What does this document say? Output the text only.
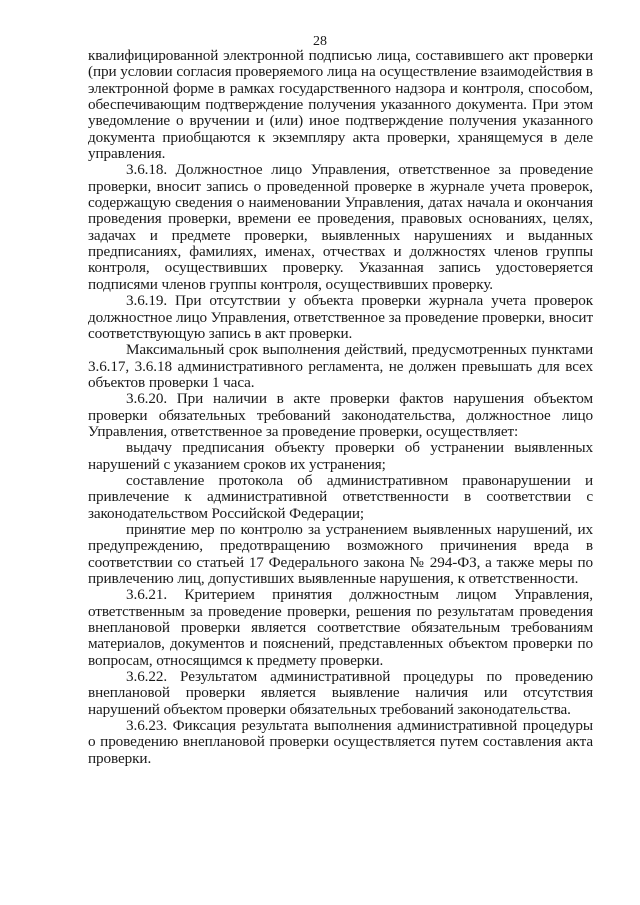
28

квалифицированной электронной подписью лица, составившего акт проверки (при условии согласия проверяемого лица на осуществление взаимодействия в электронной форме в рамках государственного надзора и контроля, способом, обеспечивающим подтверждение получения указанного документа. При этом уведомление о вручении и (или) иное подтверждение получения указанного документа приобщаются к экземпляру акта проверки, хранящемуся в деле управления.

3.6.18. Должностное лицо Управления, ответственное за проведение проверки, вносит запись о проведенной проверке в журнале учета проверок, содержащую сведения о наименовании Управления, датах начала и окончания проведения проверки, времени ее проведения, правовых основаниях, целях, задачах и предмете проверки, выявленных нарушениях и выданных предписаниях, фамилиях, именах, отчествах и должностях членов группы контроля, осуществивших проверку. Указанная запись удостоверяется подписями членов группы контроля, осуществивших проверку.

3.6.19. При отсутствии у объекта проверки журнала учета проверок должностное лицо Управления, ответственное за проведение проверки, вносит соответствующую запись в акт проверки.

Максимальный срок выполнения действий, предусмотренных пунктами 3.6.17, 3.6.18 административного регламента, не должен превышать для всех объектов проверки 1 часа.

3.6.20. При наличии в акте проверки фактов нарушения объектом проверки обязательных требований законодательства, должностное лицо Управления, ответственное за проведение проверки, осуществляет:

выдачу предписания объекту проверки об устранении выявленных нарушений с указанием сроков их устранения;

составление протокола об административном правонарушении и привлечение к административной ответственности в соответствии с законодательством Российской Федерации;

принятие мер по контролю за устранением выявленных нарушений, их предупреждению, предотвращению возможного причинения вреда в соответствии со статьей 17 Федерального закона № 294-ФЗ, а также меры по привлечению лиц, допустивших выявленные нарушения, к ответственности.

3.6.21. Критерием принятия должностным лицом Управления, ответственным за проведение проверки, решения по результатам проведения внеплановой проверки является соответствие обязательным требованиям материалов, документов и пояснений, представленных объектом проверки по вопросам, относящимся к предмету проверки.

3.6.22. Результатом административной процедуры по проведению внеплановой проверки является выявление наличия или отсутствия нарушений объектом проверки обязательных требований законодательства.

3.6.23. Фиксация результата выполнения административной процедуры о проведению внеплановой проверки осуществляется путем составления акта проверки.
